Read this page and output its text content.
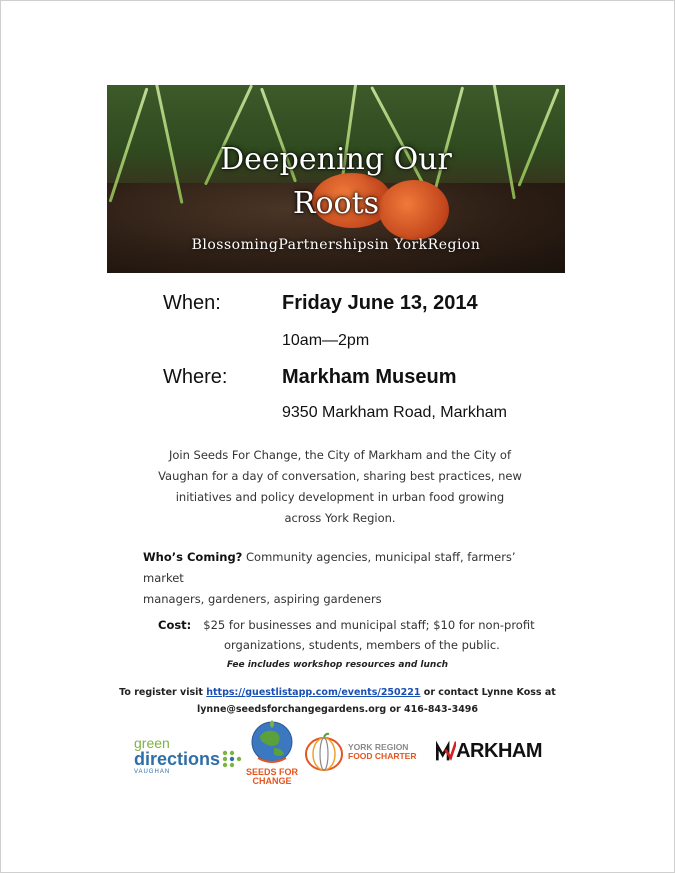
Deepening Our
Roots
BlossomingPartnershipsin YorkRegion
When:	Friday June 13, 2014
10am—2pm
Where:	Markham Museum
9350 Markham Road, Markham
Join Seeds For Change, the City of Markham and the City of
Vaughan for a day of conversation, sharing best practices, new
initiatives and policy development in urban food growing
across York Region.
Who’s Coming? Community agencies, municipal staff, farmers’ market
managers, gardeners, aspiring gardeners
Cost: $25 for businesses and municipal staff; $10 for non-profit
organizations, students, members of the public.
Fee includes workshop resources and lunch
To register visit https://guestlistapp.com/events/250221 or contact Lynne Koss at
lynne@seedsforchangegardens.org or 416-843-3496
green
directions
VAUGHAN	SEEDS FOR
CHANGE
YORK REGION
FOOD CHARTER ARKHAM
